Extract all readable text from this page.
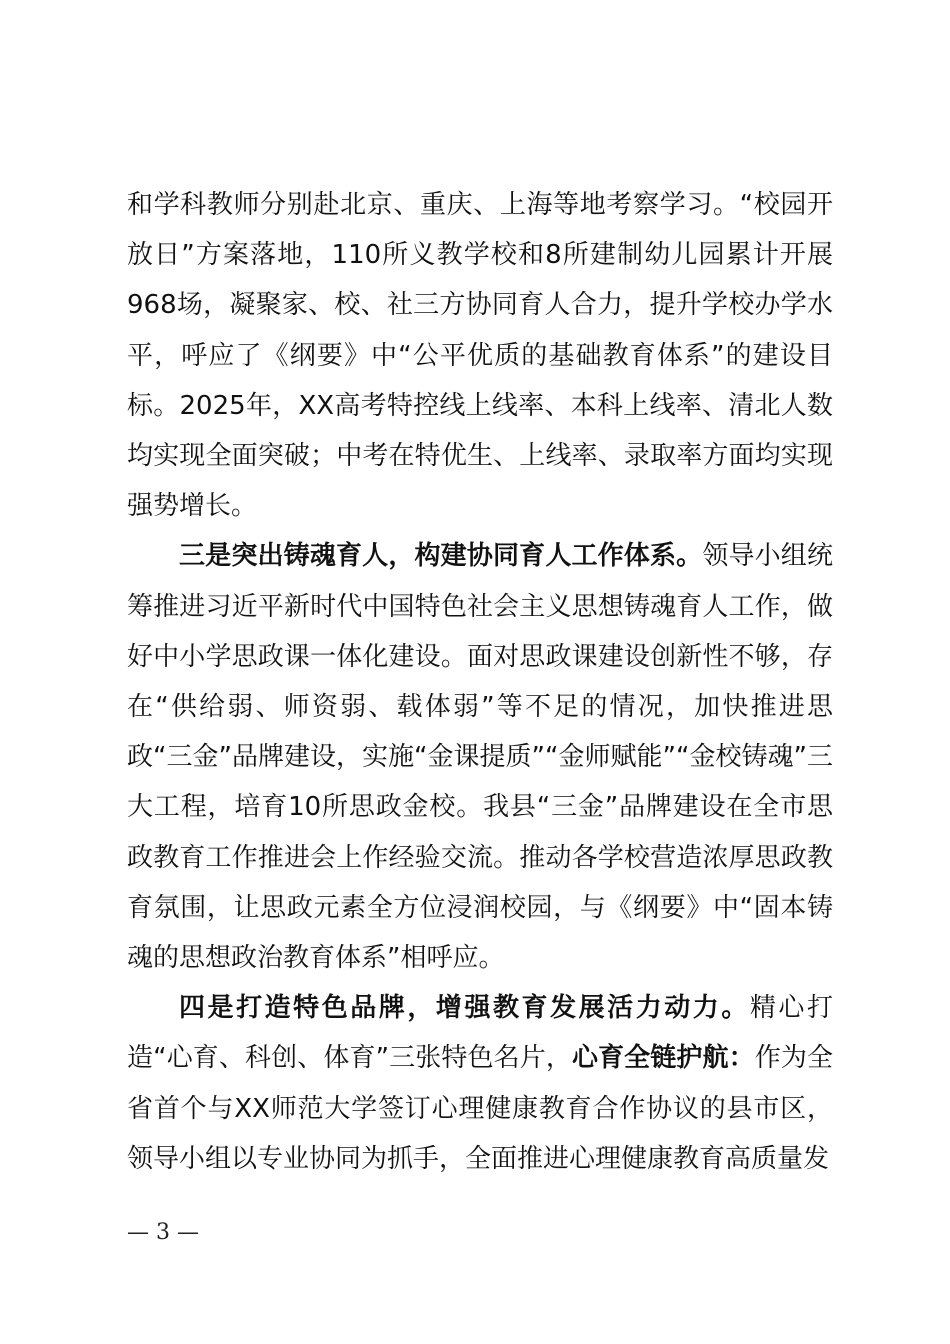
和学科教师分别赴北京、重庆、上海等地考察学习。“校园开放日”方案落地，110所义教学校和8所建制幼儿园累计开展968场，凝聚家、校、社三方协同育人合力，提升学校办学水平，呼应了《纲要》中“公平优质的基础教育体系”的建设目标。2025年，XX高考特控线上线率、本科上线率、清北人数均实现全面突破；中考在特优生、上线率、录取率方面均实现强势增长。

三是突出铸魂育人，构建协同育人工作体系。领导小组统筹推进习近平新时代中国特色社会主义思想铸魂育人工作，做好中小学思政课一体化建设。面对思政课建设创新性不够，存在“供给弱、师资弱、载体弱”等不足的情况，加快推进思政“三金”品牌建设，实施“金课提质”“金师赋能”“金校铸魂”三大工程，培育10所思政金校。我县“三金”品牌建设在全市思政教育工作推进会上作经验交流。推动各学校营造浓厚思政教育氛围，让思政元素全方位浸润校园，与《纲要》中“固本铸魂的思想政治教育体系”相呼应。

四是打造特色品牌，增强教育发展活力动力。精心打造“心育、科创、体育”三张特色名片，心育全链护航：作为全省首个与XX师范大学签订心理健康教育合作协议的县市区，领导小组以专业协同为抓手，全面推进心理健康教育高质量发

— 3 —
